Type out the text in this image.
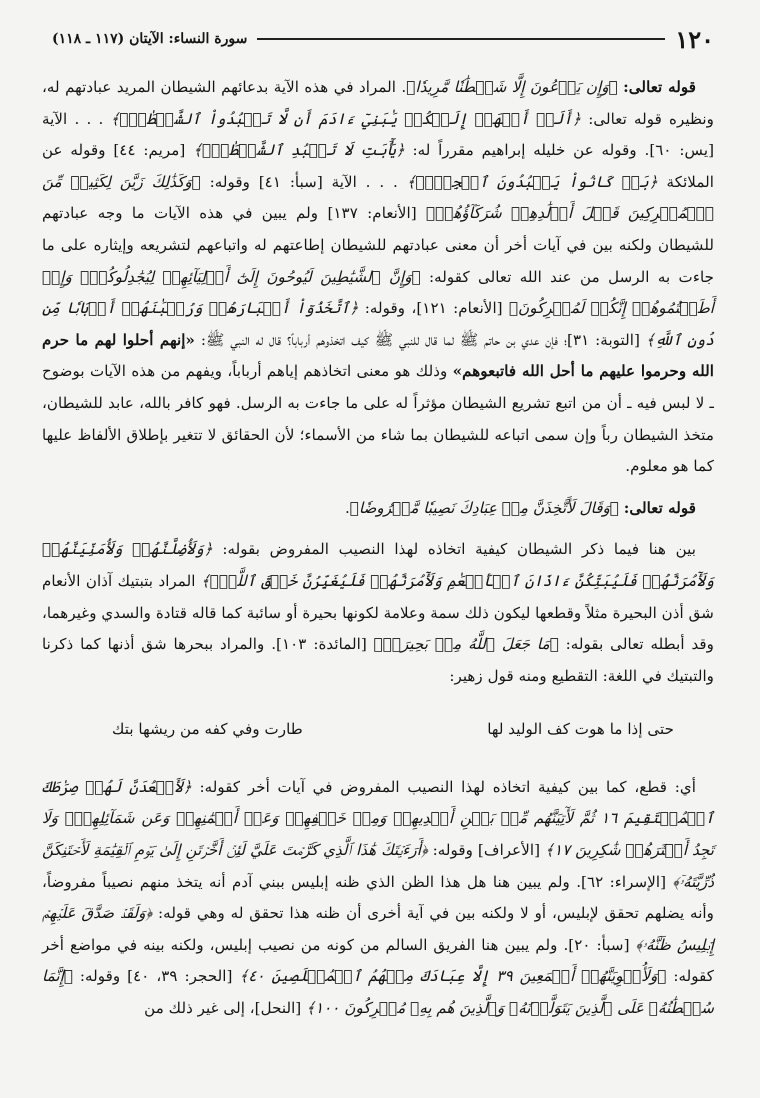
١٢٠
سورة النساء: الآيتان (١١٧ ـ ١١٨)

قوله تعالى: ﴿وَإِن يَدۡعُونَ إِلَّا شَيۡطَٰنٗا مَّرِيدٗا﴾. المراد في هذه الآية بدعائهم الشيطان المريد عبادتهم له، ونظيره قوله تعالى: ﴿أَلَمۡ أَعۡهَدۡ إِلَيۡكُمۡ يَٰبَنِيٓ ءَادَمَ أَن لَّا تَعۡبُدُواْ ٱلشَّيۡطَٰنَۖ﴾ . . . الآية [يس: ٦٠]. وقوله عن خليله إبراهيم مقرراً له: ﴿يَٰٓأَبَتِ لَا تَعۡبُدِ ٱلشَّيۡطَٰنَۖ﴾ [مريم: ٤٤] وقوله عن الملائكة ﴿بَلۡ كَانُواْ يَعۡبُدُونَ ٱلۡجِنَّۖ﴾ . . . الآية [سبأ: ٤١] وقوله: ﴿وَكَذَٰلِكَ زَيَّنَ لِكَثِيرٖ مِّنَ ٱلۡمُشۡرِكِينَ قَتۡلَ أَوۡلَٰدِهِمۡ شُرَكَآؤُهُمۡ﴾ [الأنعام: ١٣٧] ولم يبين في هذه الآيات ما وجه عبادتهم للشيطان ولكنه بين في آيات أخر أن معنى عبادتهم للشيطان إطاعتهم له واتباعهم لتشريعه وإيثاره على ما جاءت به الرسل من عند الله تعالى كقوله: ﴿وَإِنَّ ٱلشَّيَٰطِينَ لَيُوحُونَ إِلَىٰٓ أَوۡلِيَآئِهِمۡ لِيُجَٰدِلُوكُمۡۖ وَإِنۡ أَطَعۡتُمُوهُمۡ إِنَّكُمۡ لَمُشۡرِكُونَ﴾ [الأنعام: ١٢١]، وقوله: ﴿ٱتَّخَذُوٓاْ أَحۡبَارَهُمۡ وَرُهۡبَٰنَهُمۡ أَرۡبَابٗا مِّن دُونِ ٱللَّهِ﴾ [التوبة: ٣١]؛ فإن عدي بن حاتم ﷺ لما قال للنبي ﷺ كيف اتخذوهم أرباباً؟ قال له النبي ﷺ: «إنهم أحلوا لهم ما حرم الله وحرموا عليهم ما أحل الله فاتبعوهم» وذلك هو معنى اتخاذهم إياهم أرباباً، ويفهم من هذه الآيات بوضوح ـ لا لبس فيه ـ أن من اتبع تشريع الشيطان مؤثراً له على ما جاءت به الرسل. فهو كافر بالله، عابد للشيطان، متخذ الشيطان رباً وإن سمى اتباعه للشيطان بما شاء من الأسماء؛ لأن الحقائق لا تتغير بإطلاق الألفاظ عليها كما هو معلوم.

قوله تعالى: ﴿وَقَالَ لَأَتَّخِذَنَّ مِنۡ عِبَادِكَ نَصِيبٗا مَّفۡرُوضٗا﴾.

بين هنا فيما ذكر الشيطان كيفية اتخاذه لهذا النصيب المفروض بقوله: ﴿وَلَأُضِلَّنَّهُمۡ وَلَأُمَنِّيَنَّهُمۡ وَلَأٓمُرَنَّهُمۡ فَلَيُبَتِّكُنَّ ءَاذَانَ ٱلۡأَنۡعَٰمِ وَلَأٓمُرَنَّهُمۡ فَلَيُغَيِّرُنَّ خَلۡقَ ٱللَّهِۚ﴾ المراد بتبتيك آذان الأنعام شق أذن البحيرة مثلاً وقطعها ليكون ذلك سمة وعلامة لكونها بحيرة أو سائبة كما قاله قتادة والسدي وغيرهما، وقد أبطله تعالى بقوله: ﴿مَا جَعَلَ ٱللَّهُ مِنۢ بَحِيرَةٖ﴾ [المائدة: ١٠٣]. والمراد ببحرها شق أذنها كما ذكرنا والتبتيك في اللغة: التقطيع ومنه قول زهير:

حتى إذا ما هوت كف الوليد لها
طارت وفي كفه من ريشها بتك

أي: قطع، كما بين كيفية اتخاذه لهذا النصيب المفروض في آيات أخر كقوله: ﴿لَأَقۡعُدَنَّ لَهُمۡ صِرَٰطَكَ ٱلۡمُسۡتَقِيمَ ١٦ ثُمَّ لَأٓتِيَنَّهُم مِّنۢ بَيۡنِ أَيۡدِيهِمۡ وَمِنۡ خَلۡفِهِمۡ وَعَنۡ أَيۡمَٰنِهِمۡ وَعَن شَمَآئِلِهِمۡۖ وَلَا تَجِدُ أَكۡثَرَهُمۡ شَٰكِرِينَ ١٧﴾ [الأعراف] وقوله: ﴿أَرَءَيۡتَكَ هَٰذَا ٱلَّذِي كَرَّمۡتَ عَلَيَّ لَئِنۡ أَخَّرۡتَنِ إِلَىٰ يَوۡمِ ٱلۡقِيَٰمَةِ لَأَحۡتَنِكَنَّ ذُرِّيَّتَهُۥٓ﴾ [الإسراء: ٦٢]. ولم يبين هنا هل هذا الظن الذي ظنه إبليس ببني آدم أنه يتخذ منهم نصيباً مفروضاً، وأنه يضلهم تحقق لإبليس، أو لا ولكنه بين في آية أخرى أن ظنه هذا تحقق له وهي قوله: ﴿وَلَقَدۡ صَدَّقَ عَلَيۡهِمۡ إِبۡلِيسُ ظَنَّهُۥ﴾ [سبأ: ٢٠]. ولم يبين هنا الفريق السالم من كونه من نصيب إبليس، ولكنه بينه في مواضع أخر كقوله: ﴿وَلَأُغۡوِيَنَّهُمۡ أَجۡمَعِينَ ٣٩ إِلَّا عِبَادَكَ مِنۡهُمُ ٱلۡمُخۡلَصِينَ ٤٠﴾ [الحجر: ٣٩، ٤٠] وقوله: ﴿إِنَّمَا سُلۡطَٰنُهُۥ عَلَى ٱلَّذِينَ يَتَوَلَّوۡنَهُۥ وَٱلَّذِينَ هُم بِهِۦ مُشۡرِكُونَ ١٠٠﴾ [النحل]، إلى غير ذلك من
